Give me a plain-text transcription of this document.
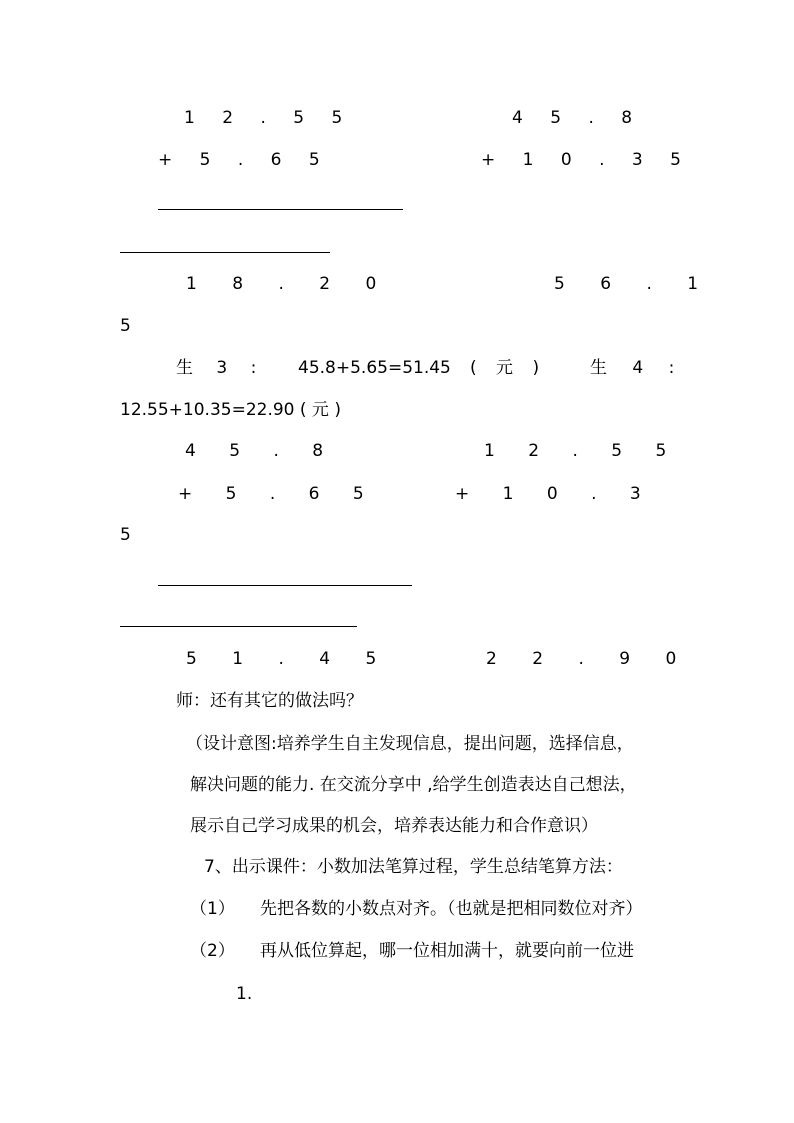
1 2 . 5 5	4 5 . 8
+ 5 . 6 5	+ 1 0 . 3 5
1 8 . 2 0	5 6 . 1
5
生 3 : 45.8+5.65=51.45 ( 元 )	生 4 :
12.55+10.35=22.90 ( 元 )
4 5 . 8	1 2 . 5 5
+ 5 . 6 5	+ 1 0 . 3
5
5 1 . 4 5	2 2 . 9 0
师：还有其它的做法吗？
（设计意图:培养学生自主发现信息，提出问题，选择信息，
解决问题的能力. 在交流分享中 ,给学生创造表达自己想法，
展示自己学习成果的机会，培养表达能力和合作意识）
7、出示课件：小数加法笔算过程，学生总结笔算方法：
（1） 先把各数的小数点对齐。（也就是把相同数位对齐）
（2） 再从低位算起，哪一位相加满十，就要向前一位进
1.
